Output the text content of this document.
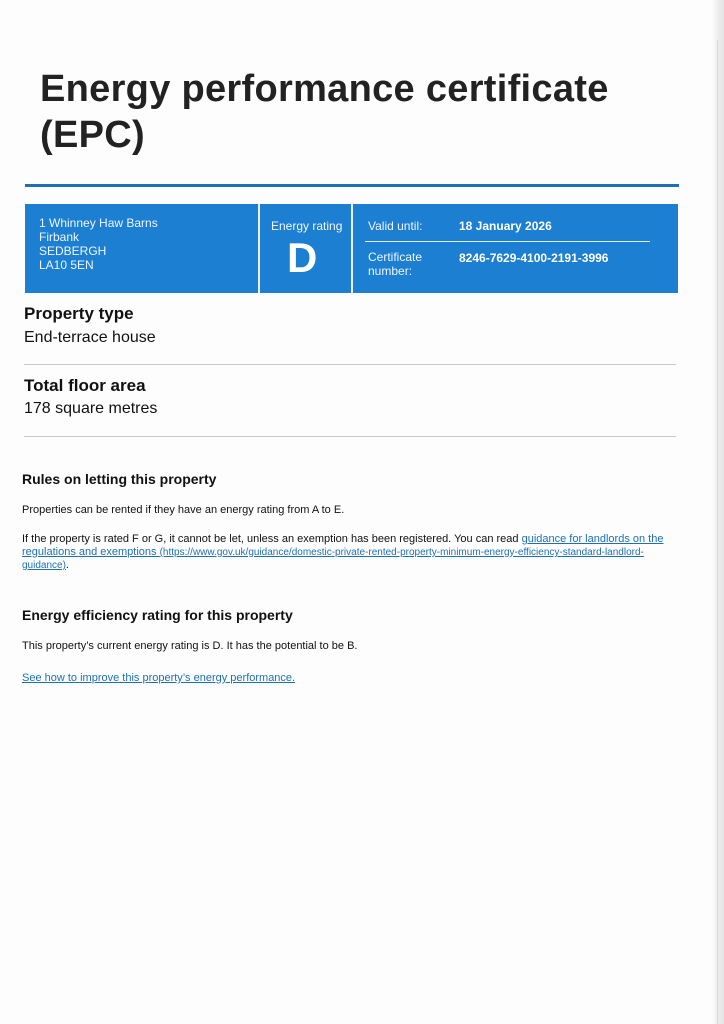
Energy performance certificate (EPC)
1 Whinney Haw Barns
Firbank
SEDBERGH
LA10 5EN
Energy rating
D
Valid until:	18 January 2026
Certificate number:
8246-7629-4100-2191-3996
Property type
End-terrace house
Total floor area
178 square metres
Rules on letting this property
Properties can be rented if they have an energy rating from A to E.
If the property is rated F or G, it cannot be let, unless an exemption has been registered. You can read guidance for landlords on the regulations and exemptions (https://www.gov.uk/guidance/domestic-private-rented-property-minimum-energy-efficiency-standard-landlord-guidance).
Energy efficiency rating for this property
This property’s current energy rating is D. It has the potential to be B.
See how to improve this property’s energy performance.
